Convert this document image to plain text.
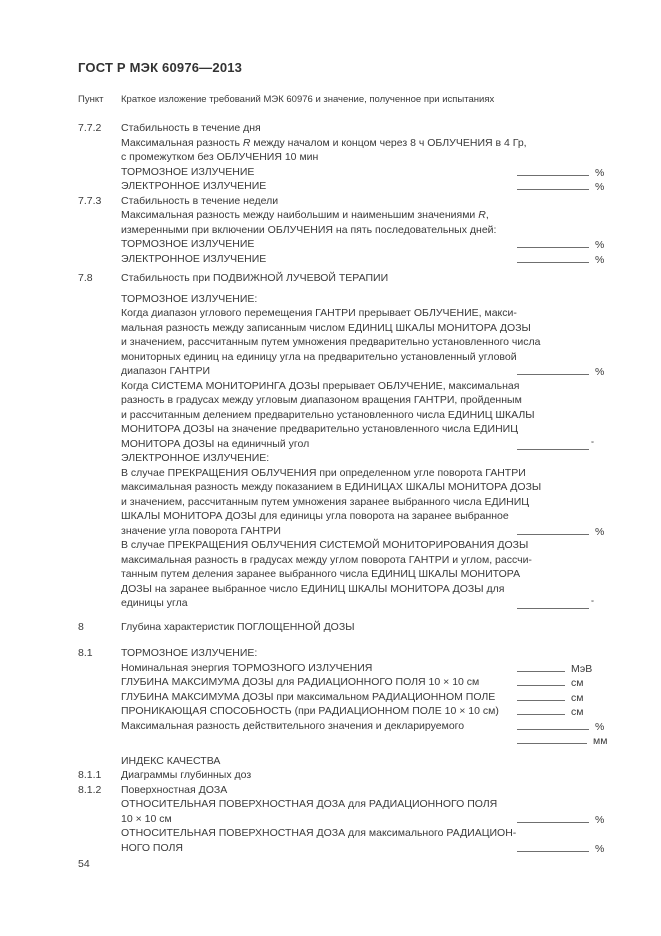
ГОСТ Р МЭК 60976—2013
Пункт Краткое изложение требований МЭК 60976 и значение, полученное при испытаниях
7.7.2 Стабильность в течение дня
Максимальная разность R между началом и концом через 8 ч ОБЛУЧЕНИЯ в 4 Гр,
с промежутком без ОБЛУЧЕНИЯ 10 мин
ТОРМОЗНОЕ ИЗЛУЧЕНИЕ	%
ЭЛЕКТРОННОЕ ИЗЛУЧЕНИЕ	%
7.7.3 Стабильность в течение недели
Максимальная разность между наибольшим и наименьшим значениями R,
измеренными при включении ОБЛУЧЕНИЯ на пять последовательных дней:
ТОРМОЗНОЕ ИЗЛУЧЕНИЕ	%
ЭЛЕКТРОННОЕ ИЗЛУЧЕНИЕ	%
7.8	Стабильность при ПОДВИЖНОЙ ЛУЧЕВОЙ ТЕРАПИИ
ТОРМОЗНОЕ ИЗЛУЧЕНИЕ:
Когда диапазон углового перемещения ГАНТРИ прерывает ОБЛУЧЕНИЕ, макси-
мальная разность между записанным числом ЕДИНИЦ ШКАЛЫ МОНИТОРА ДОЗЫ
и значением, рассчитанным путем умножения предварительно установленного числа
мониторных единиц на единицу угла на предварительно установленный угловой
диапазон ГАНТРИ	%
Когда СИСТЕМА МОНИТОРИНГА ДОЗЫ прерывает ОБЛУЧЕНИЕ, максимальная
разность в градусах между угловым диапазоном вращения ГАНТРИ, пройденным
и рассчитанным делением предварительно установленного числа ЕДИНИЦ ШКАЛЫ
МОНИТОРА ДОЗЫ на значение предварительно установленного числа ЕДИНИЦ
МОНИТОРА ДОЗЫ на единичный угол	°
ЭЛЕКТРОННОЕ ИЗЛУЧЕНИЕ:
В случае ПРЕКРАЩЕНИЯ ОБЛУЧЕНИЯ при определенном угле поворота ГАНТРИ
максимальная разность между показанием в ЕДИНИЦАХ ШКАЛЫ МОНИТОРА ДОЗЫ
и значением, рассчитанным путем умножения заранее выбранного числа ЕДИНИЦ
ШКАЛЫ МОНИТОРА ДОЗЫ для единицы угла поворота на заранее выбранное
значение угла поворота ГАНТРИ	%
В случае ПРЕКРАЩЕНИЯ ОБЛУЧЕНИЯ СИСТЕМОЙ МОНИТОРИРОВАНИЯ ДОЗЫ
максимальная разность в градусах между углом поворота ГАНТРИ и углом, рассчи-
танным путем деления заранее выбранного числа ЕДИНИЦ ШКАЛЫ МОНИТОРА
ДОЗЫ на заранее выбранное число ЕДИНИЦ ШКАЛЫ МОНИТОРА ДОЗЫ для
единицы угла	°
8	Глубина характеристик ПОГЛОЩЕННОЙ ДОЗЫ
8.1	ТОРМОЗНОЕ ИЗЛУЧЕНИЕ:
Номинальная энергия ТОРМОЗНОГО ИЗЛУЧЕНИЯ	МэВ
ГЛУБИНА МАКСИМУМА ДОЗЫ для РАДИАЦИОННОГО ПОЛЯ 10 × 10 см	см
ГЛУБИНА МАКСИМУМА ДОЗЫ при максимальном РАДИАЦИОННОМ ПОЛЕ	см
ПРОНИКАЮЩАЯ СПОСОБНОСТЬ (при РАДИАЦИОННОМ ПОЛЕ 10 × 10 см)	см
Максимальная разность действительного значения и декларируемого	%
мм
ИНДЕКС КАЧЕСТВА
8.1.1 Диаграммы глубинных доз
8.1.2 Поверхностная ДОЗА
ОТНОСИТЕЛЬНАЯ ПОВЕРХНОСТНАЯ ДОЗА для РАДИАЦИОННОГО ПОЛЯ
10 × 10 см	%
ОТНОСИТЕЛЬНАЯ ПОВЕРХНОСТНАЯ ДОЗА для максимального РАДИАЦИОН-
НОГО ПОЛЯ	%
54
